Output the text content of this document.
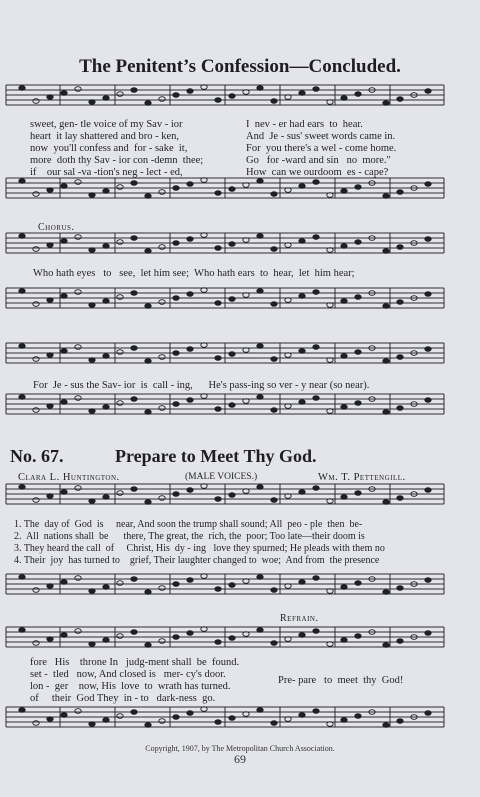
The Penitent’s Confession—Concluded.
sweet, gen- tle voice of my Sav - ior	I  nev - er had ears  to  hear.
heart  it lay shattered and bro - ken,	And  Je - sus' sweet words came in.
now  you'll confess and  for - sake  it,	For  you there's a wel - come home.
more  doth thy Sav - ior con -demn  thee;	Go   for -ward and sin   no  more."
if    our sal -va -tion's neg - lect - ed,	How  can we ourdoom  es - cape?
Chorus.
Who hath eyes   to   see,  let him see;  Who hath ears  to  hear,  let  him hear;
For  Je - sus the Sav- ior  is  call - ing,      He's pass-ing so ver - y near (so near).
No. 67.	Prepare to Meet Thy God.
Clara L. Huntington.	(MALE VOICES.)	Wm. T. Pettengill.
1. The  day of  God  is     near, And soon the trump shall sound; All  peo - ple  then  be-
2.  All  nations shall  be      there, The great, the  rich, the  poor; Too late—their doom is
3. They heard the call  of     Christ, His  dy - ing   love they spurned; He pleads with them no
4. Their  joy  has turned to    grief, Their laughter changed to  woe;  And from  the presence
Refrain.
fore   His    throne In   judg-ment shall  be  found.
set -  tled   now, And closed is   mer- cy's door.
lon -  ger    now, His  love  to  wrath has turned.
of     their  God They  in - to   dark-ness  go.
Pre- pare   to  meet  thy  God!
Copyright, 1907, by The Metropolitan Church Association.
69
